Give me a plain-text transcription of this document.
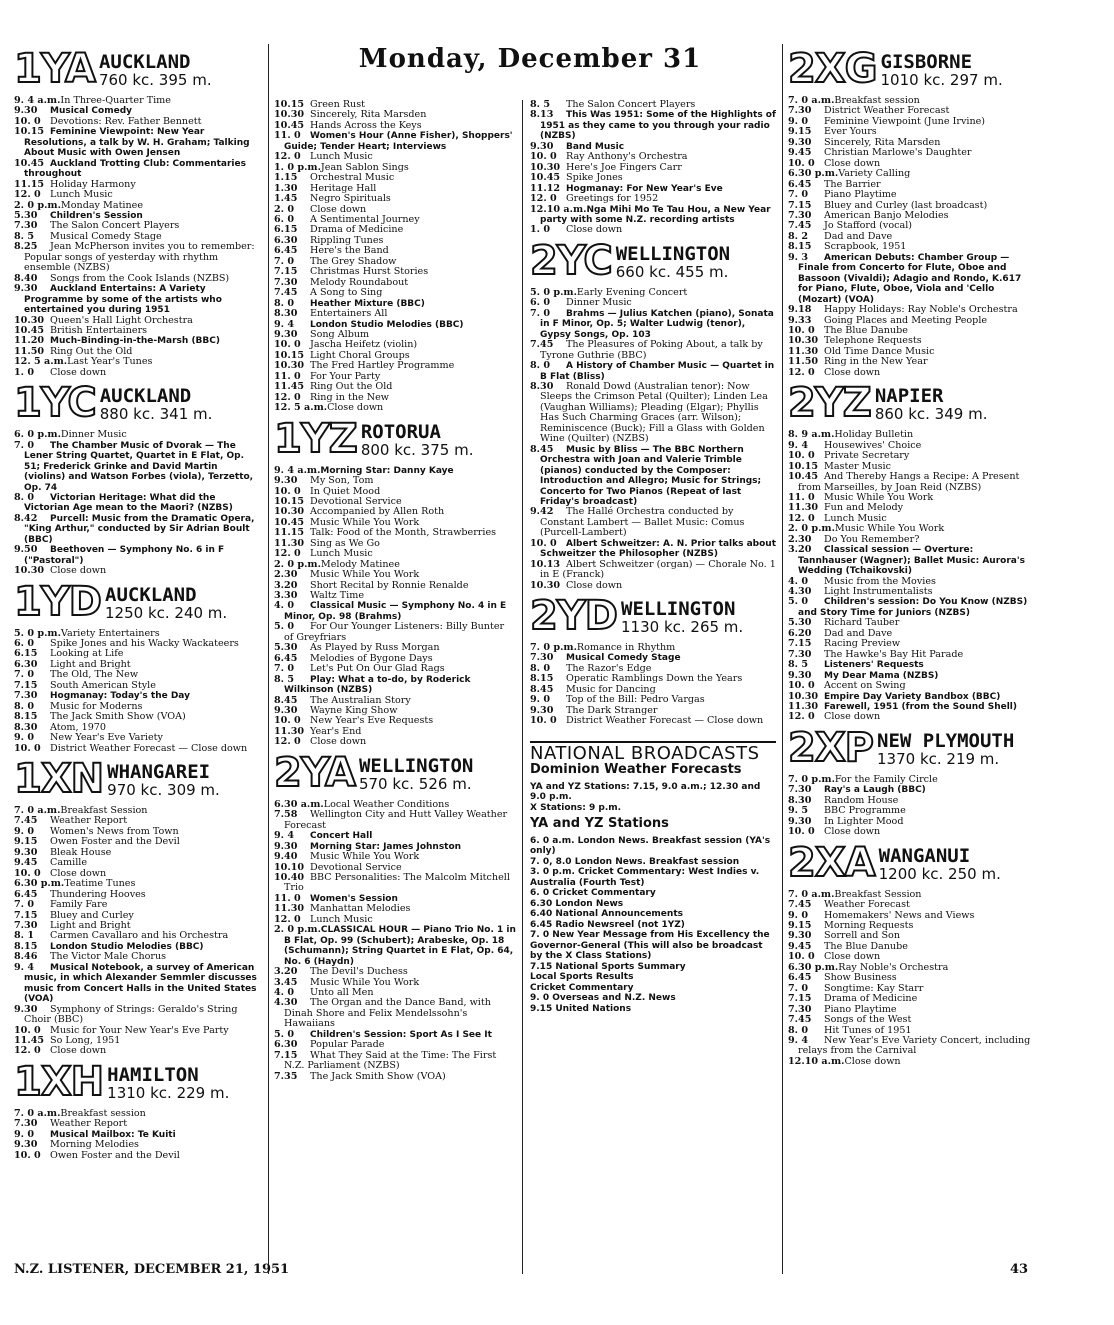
Monday, December 31
1YA AUCKLAND
760 kc. 395 m.
9. 4 a.m.In Three-Quarter Time
9.30Musical Comedy
10. 0Devotions: Rev. Father Bennett
10.15Feminine Viewpoint: New Year Resolutions, a talk by W. H. Graham; Talking About Music with Owen Jensen
10.45Auckland Trotting Club: Commentaries throughout
11.15Holiday Harmony
12. 0Lunch Music
2. 0 p.m.Monday Matinee
5.30Children's Session
7.30The Salon Concert Players
8. 5Musical Comedy Stage
8.25Jean McPherson invites you to remember: Popular songs of yesterday with rhythm ensemble (NZBS)
8.40Songs from the Cook Islands (NZBS)
9.30Auckland Entertains: A Variety Programme by some of the artists who entertained you during 1951
10.30Queen's Hall Light Orchestra
10.45British Entertainers
11.20Much-Binding-in-the-Marsh (BBC)
11.50Ring Out the Old
12. 5 a.m.Last Year's Tunes
1. 0Close down
1YC AUCKLAND
880 kc. 341 m.
6. 0 p.m.Dinner Music
7. 0The Chamber Music of Dvorak — The Lener String Quartet, Quartet in E Flat, Op. 51; Frederick Grinke and David Martin (violins) and Watson Forbes (viola), Terzetto, Op. 74
8. 0Victorian Heritage: What did the Victorian Age mean to the Maori? (NZBS)
8.42Purcell: Music from the Dramatic Opera, "King Arthur," conducted by Sir Adrian Boult (BBC)
9.50Beethoven — Symphony No. 6 in F ("Pastoral")
10.30Close down
1YD AUCKLAND
1250 kc. 240 m.
5. 0 p.m.Variety Entertainers
6. 0Spike Jones and his Wacky Wackateers
6.15Looking at Life
6.30Light and Bright
7. 0The Old, The New
7.15South American Style
7.30Hogmanay: Today's the Day
8. 0Music for Moderns
8.15The Jack Smith Show (VOA)
8.30Atom, 1970
9. 0New Year's Eve Variety
10. 0District Weather Forecast — Close down
1XN WHANGAREI
970 kc. 309 m.
7. 0 a.m.Breakfast Session
7.45Weather Report
9. 0Women's News from Town
9.15Owen Foster and the Devil
9.30Bleak House
9.45Camille
10. 0Close down
6.30 p.m.Teatime Tunes
6.45Thundering Hooves
7. 0Family Fare
7.15Bluey and Curley
7.30Light and Bright
8. 1Carmen Cavallaro and his Orchestra
8.15London Studio Melodies (BBC)
8.46The Victor Male Chorus
9. 4Musical Notebook, a survey of American music, in which Alexander Semmler discusses music from Concert Halls in the United States (VOA)
9.30Symphony of Strings: Geraldo's String Choir (BBC)
10. 0Music for Your New Year's Eve Party
11.45So Long, 1951
12. 0Close down
1XH HAMILTON
1310 kc. 229 m.
7. 0 a.m.Breakfast session
7.30Weather Report
9. 0Musical Mailbox: Te Kuiti
9.30Morning Melodies
10. 0Owen Foster and the Devil
10.15Green Rust
10.30Sincerely, Rita Marsden
10.45Hands Across the Keys
11. 0Women's Hour (Anne Fisher), Shoppers' Guide; Tender Heart; Interviews
12. 0Lunch Music
1. 0 p.m.Jean Sablon Sings
1.15Orchestral Music
1.30Heritage Hall
1.45Negro Spirituals
2. 0Close down
6. 0A Sentimental Journey
6.15Drama of Medicine
6.30Rippling Tunes
6.45Here's the Band
7. 0The Grey Shadow
7.15Christmas Hurst Stories
7.30Melody Roundabout
7.45A Song to Sing
8. 0Heather Mixture (BBC)
8.30Entertainers All
9. 4London Studio Melodies (BBC)
9.30Song Album
10. 0Jascha Heifetz (violin)
10.15Light Choral Groups
10.30The Fred Hartley Programme
11. 0For Your Party
11.45Ring Out the Old
12. 0Ring in the New
12. 5 a.m.Close down
1YZ ROTORUA
800 kc. 375 m.
9. 4 a.m.Morning Star: Danny Kaye
9.30My Son, Tom
10. 0In Quiet Mood
10.15Devotional Service
10.30Accompanied by Allen Roth
10.45Music While You Work
11.15Talk: Food of the Month, Strawberries
11.30Sing as We Go
12. 0Lunch Music
2. 0 p.m.Melody Matinee
2.30Music While You Work
3.20Short Recital by Ronnie Renalde
3.30Waltz Time
4. 0Classical Music — Symphony No. 4 in E Minor, Op. 98 (Brahms)
5. 0For Our Younger Listeners: Billy Bunter of Greyfriars
5.30As Played by Russ Morgan
6.45Melodies of Bygone Days
7. 0Let's Put On Our Glad Rags
8. 5Play: What a to-do, by Roderick Wilkinson (NZBS)
8.45The Australian Story
9.30Wayne King Show
10. 0New Year's Eve Requests
11.30Year's End
12. 0Close down
2YA WELLINGTON
570 kc. 526 m.
6.30 a.m.Local Weather Conditions
7.58Wellington City and Hutt Valley Weather Forecast
9. 4Concert Hall
9.30Morning Star: James Johnston
9.40Music While You Work
10.10Devotional Service
10.40BBC Personalities: The Malcolm Mitchell Trio
11. 0Women's Session
11.30Manhattan Melodies
12. 0Lunch Music
2. 0 p.m.CLASSICAL HOUR — Piano Trio No. 1 in B Flat, Op. 99 (Schubert); Arabeske, Op. 18 (Schumann); String Quartet in E Flat, Op. 64, No. 6 (Haydn)
3.20The Devil's Duchess
3.45Music While You Work
4. 0Unto all Men
4.30The Organ and the Dance Band, with Dinah Shore and Felix Mendelssohn's Hawaiians
5. 0Children's Session: Sport As I See It
6.30Popular Parade
7.15What They Said at the Time: The First N.Z. Parliament (NZBS)
7.35The Jack Smith Show (VOA)
8. 5The Salon Concert Players
8.13This Was 1951: Some of the Highlights of 1951 as they came to you through your radio (NZBS)
9.30Band Music
10. 0Ray Anthony's Orchestra
10.30Here's Joe Fingers Carr
10.45Spike Jones
11.12Hogmanay: For New Year's Eve
12. 0Greetings for 1952
12.10 a.m.Nga Mihi Mo Te Tau Hou, a New Year party with some N.Z. recording artists
1. 0Close down
2YC WELLINGTON
660 kc. 455 m.
5. 0 p.m.Early Evening Concert
6. 0Dinner Music
7. 0Brahms — Julius Katchen (piano), Sonata in F Minor, Op. 5; Walter Ludwig (tenor), Gypsy Songs, Op. 103
7.45The Pleasures of Poking About, a talk by Tyrone Guthrie (BBC)
8. 0A History of Chamber Music — Quartet in B Flat (Bliss)
8.30Ronald Dowd (Australian tenor): Now Sleeps the Crimson Petal (Quilter); Linden Lea (Vaughan Williams); Pleading (Elgar); Phyllis Has Such Charming Graces (arr. Wilson); Reminiscence (Buck); Fill a Glass with Golden Wine (Quilter) (NZBS)
8.45Music by Bliss — The BBC Northern Orchestra with Joan and Valerie Trimble (pianos) conducted by the Composer: Introduction and Allegro; Music for Strings; Concerto for Two Pianos (Repeat of last Friday's broadcast)
9.42The Hallé Orchestra conducted by Constant Lambert — Ballet Music: Comus (Purcell-Lambert)
10. 0Albert Schweitzer: A. N. Prior talks about Schweitzer the Philosopher (NZBS)
10.13Albert Schweitzer (organ) — Chorale No. 1 in E (Franck)
10.30Close down
2YD WELLINGTON
1130 kc. 265 m.
7. 0 p.m.Romance in Rhythm
7.30Musical Comedy Stage
8. 0The Razor's Edge
8.15Operatic Ramblings Down the Years
8.45Music for Dancing
9. 0Top of the Bill: Pedro Vargas
9.30The Dark Stranger
10. 0District Weather Forecast — Close down
NATIONAL BROADCASTS
Dominion Weather Forecasts
YA and YZ Stations: 7.15, 9.0 a.m.; 12.30 and 9.0 p.m.
X Stations: 9 p.m.
YA and YZ Stations
6. 0 a.m. London News. Breakfast session (YA's only)
7. 0, 8.0 London News. Breakfast session
3. 0 p.m. Cricket Commentary: West Indies v. Australia (Fourth Test)
6. 0 Cricket Commentary
6.30 London News
6.40 National Announcements
6.45 Radio Newsreel (not 1YZ)
7. 0 New Year Message from His Excellency the Governor-General (This will also be broadcast by the X Class Stations)
7.15 National Sports Summary
Local Sports Results
Cricket Commentary
9. 0 Overseas and N.Z. News
9.15 United Nations
2XG GISBORNE
1010 kc. 297 m.
7. 0 a.m.Breakfast session
7.30District Weather Forecast
9. 0Feminine Viewpoint (June Irvine)
9.15Ever Yours
9.30Sincerely, Rita Marsden
9.45Christian Marlowe's Daughter
10. 0Close down
6.30 p.m.Variety Calling
6.45The Barrier
7. 0Piano Playtime
7.15Bluey and Curley (last broadcast)
7.30American Banjo Melodies
7.45Jo Stafford (vocal)
8. 2Dad and Dave
8.15Scrapbook, 1951
9. 3American Debuts: Chamber Group — Finale from Concerto for Flute, Oboe and Bassoon (Vivaldi); Adagio and Rondo, K.617 for Piano, Flute, Oboe, Viola and 'Cello (Mozart) (VOA)
9.18Happy Holidays: Ray Noble's Orchestra
9.33Going Places and Meeting People
10. 0The Blue Danube
10.30Telephone Requests
11.30Old Time Dance Music
11.50Ring in the New Year
12. 0Close down
2YZ NAPIER
860 kc. 349 m.
8. 9 a.m.Holiday Bulletin
9. 4Housewives' Choice
10. 0Private Secretary
10.15Master Music
10.45And Thereby Hangs a Recipe: A Present from Marseilles, by Joan Reid (NZBS)
11. 0Music While You Work
11.30Fun and Melody
12. 0Lunch Music
2. 0 p.m.Music While You Work
2.30Do You Remember?
3.20Classical session — Overture: Tannhauser (Wagner); Ballet Music: Aurora's Wedding (Tchaikovski)
4. 0Music from the Movies
4.30Light Instrumentalists
5. 0Children's session: Do You Know (NZBS) and Story Time for Juniors (NZBS)
5.30Richard Tauber
6.20Dad and Dave
7.15Racing Preview
7.30The Hawke's Bay Hit Parade
8. 5Listeners' Requests
9.30My Dear Mama (NZBS)
10. 0Accent on Swing
10.30Empire Day Variety Bandbox (BBC)
11.30Farewell, 1951 (from the Sound Shell)
12. 0Close down
2XP NEW PLYMOUTH
1370 kc. 219 m.
7. 0 p.m.For the Family Circle
7.30Ray's a Laugh (BBC)
8.30Random House
9. 5BBC Programme
9.30In Lighter Mood
10. 0Close down
2XA WANGANUI
1200 kc. 250 m.
7. 0 a.m.Breakfast Session
7.45Weather Forecast
9. 0Homemakers' News and Views
9.15Morning Requests
9.30Sorrell and Son
9.45The Blue Danube
10. 0Close down
6.30 p.m.Ray Noble's Orchestra
6.45Show Business
7. 0Songtime: Kay Starr
7.15Drama of Medicine
7.30Piano Playtime
7.45Songs of the West
8. 0Hit Tunes of 1951
9. 4New Year's Eve Variety Concert, including relays from the Carnival
12.10 a.m.Close down
N.Z. LISTENER, DECEMBER 21, 1951	43
